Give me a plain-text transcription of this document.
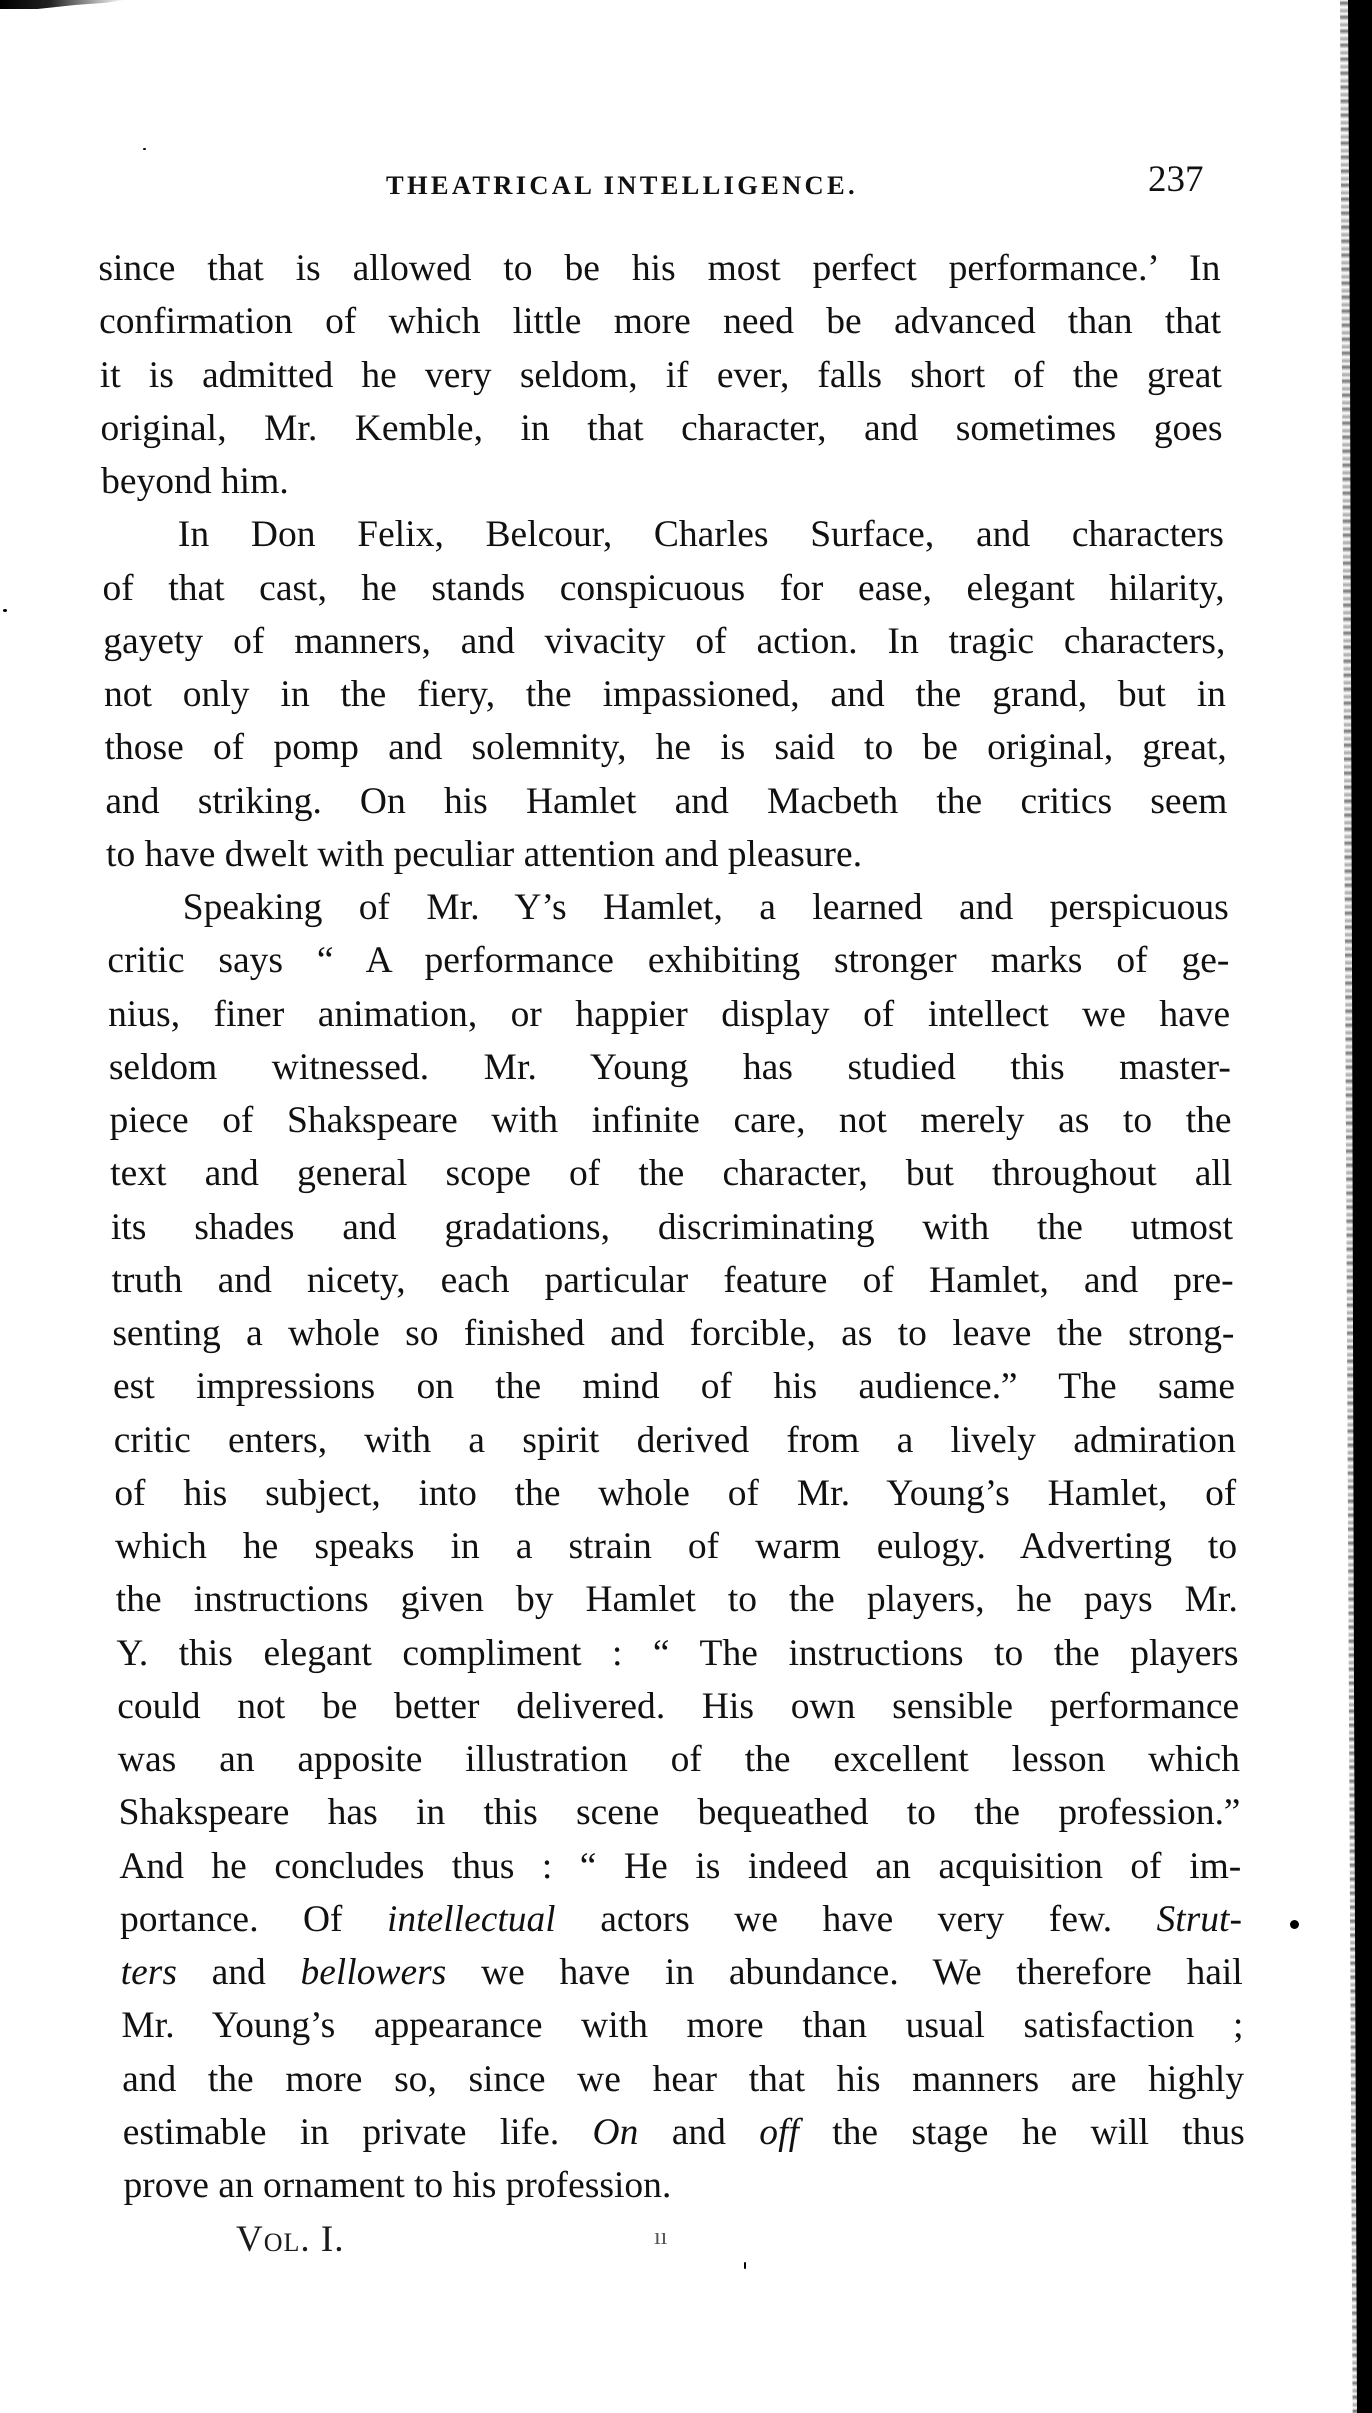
THEATRICAL INTELLIGENCE.	237
since that is allowed to be his most perfect performance.’ In
confirmation of which little more need be advanced than that
it is admitted he very seldom, if ever, falls short of the great
original, Mr. Kemble, in that character, and sometimes goes
beyond him.
In Don Felix, Belcour, Charles Surface, and characters
of that cast, he stands conspicuous for ease, elegant hilarity,
gayety of manners, and vivacity of action. In tragic characters,
not only in the fiery, the impassioned, and the grand, but in
those of pomp and solemnity, he is said to be original, great,
and striking. On his Hamlet and Macbeth the critics seem
to have dwelt with peculiar attention and pleasure.
Speaking of Mr. Y’s Hamlet, a learned and perspicuous
critic says “ A performance exhibiting stronger marks of ge-
nius, finer animation, or happier display of intellect we have
seldom witnessed. Mr. Young has studied this master-
piece of Shakspeare with infinite care, not merely as to the
text and general scope of the character, but throughout all
its shades and gradations, discriminating with the utmost
truth and nicety, each particular feature of Hamlet, and pre-
senting a whole so finished and forcible, as to leave the strong-
est impressions on the mind of his audience.” The same
critic enters, with a spirit derived from a lively admiration
of his subject, into the whole of Mr. Young’s Hamlet, of
which he speaks in a strain of warm eulogy. Adverting to
the instructions given by Hamlet to the players, he pays Mr.
Y. this elegant compliment : “ The instructions to the players
could not be better delivered. His own sensible performance
was an apposite illustration of the excellent lesson which
Shakspeare has in this scene bequeathed to the profession.”
And he concludes thus : “ He is indeed an acquisition of im-
portance. Of intellectual actors we have very few. Strut-
ters and bellowers we have in abundance. We therefore hail
Mr. Young’s appearance with more than usual satisfaction ;
and the more so, since we hear that his manners are highly
estimable in private life. On and off the stage he will thus
prove an ornament to his profession.
Vol. I.	ıı
